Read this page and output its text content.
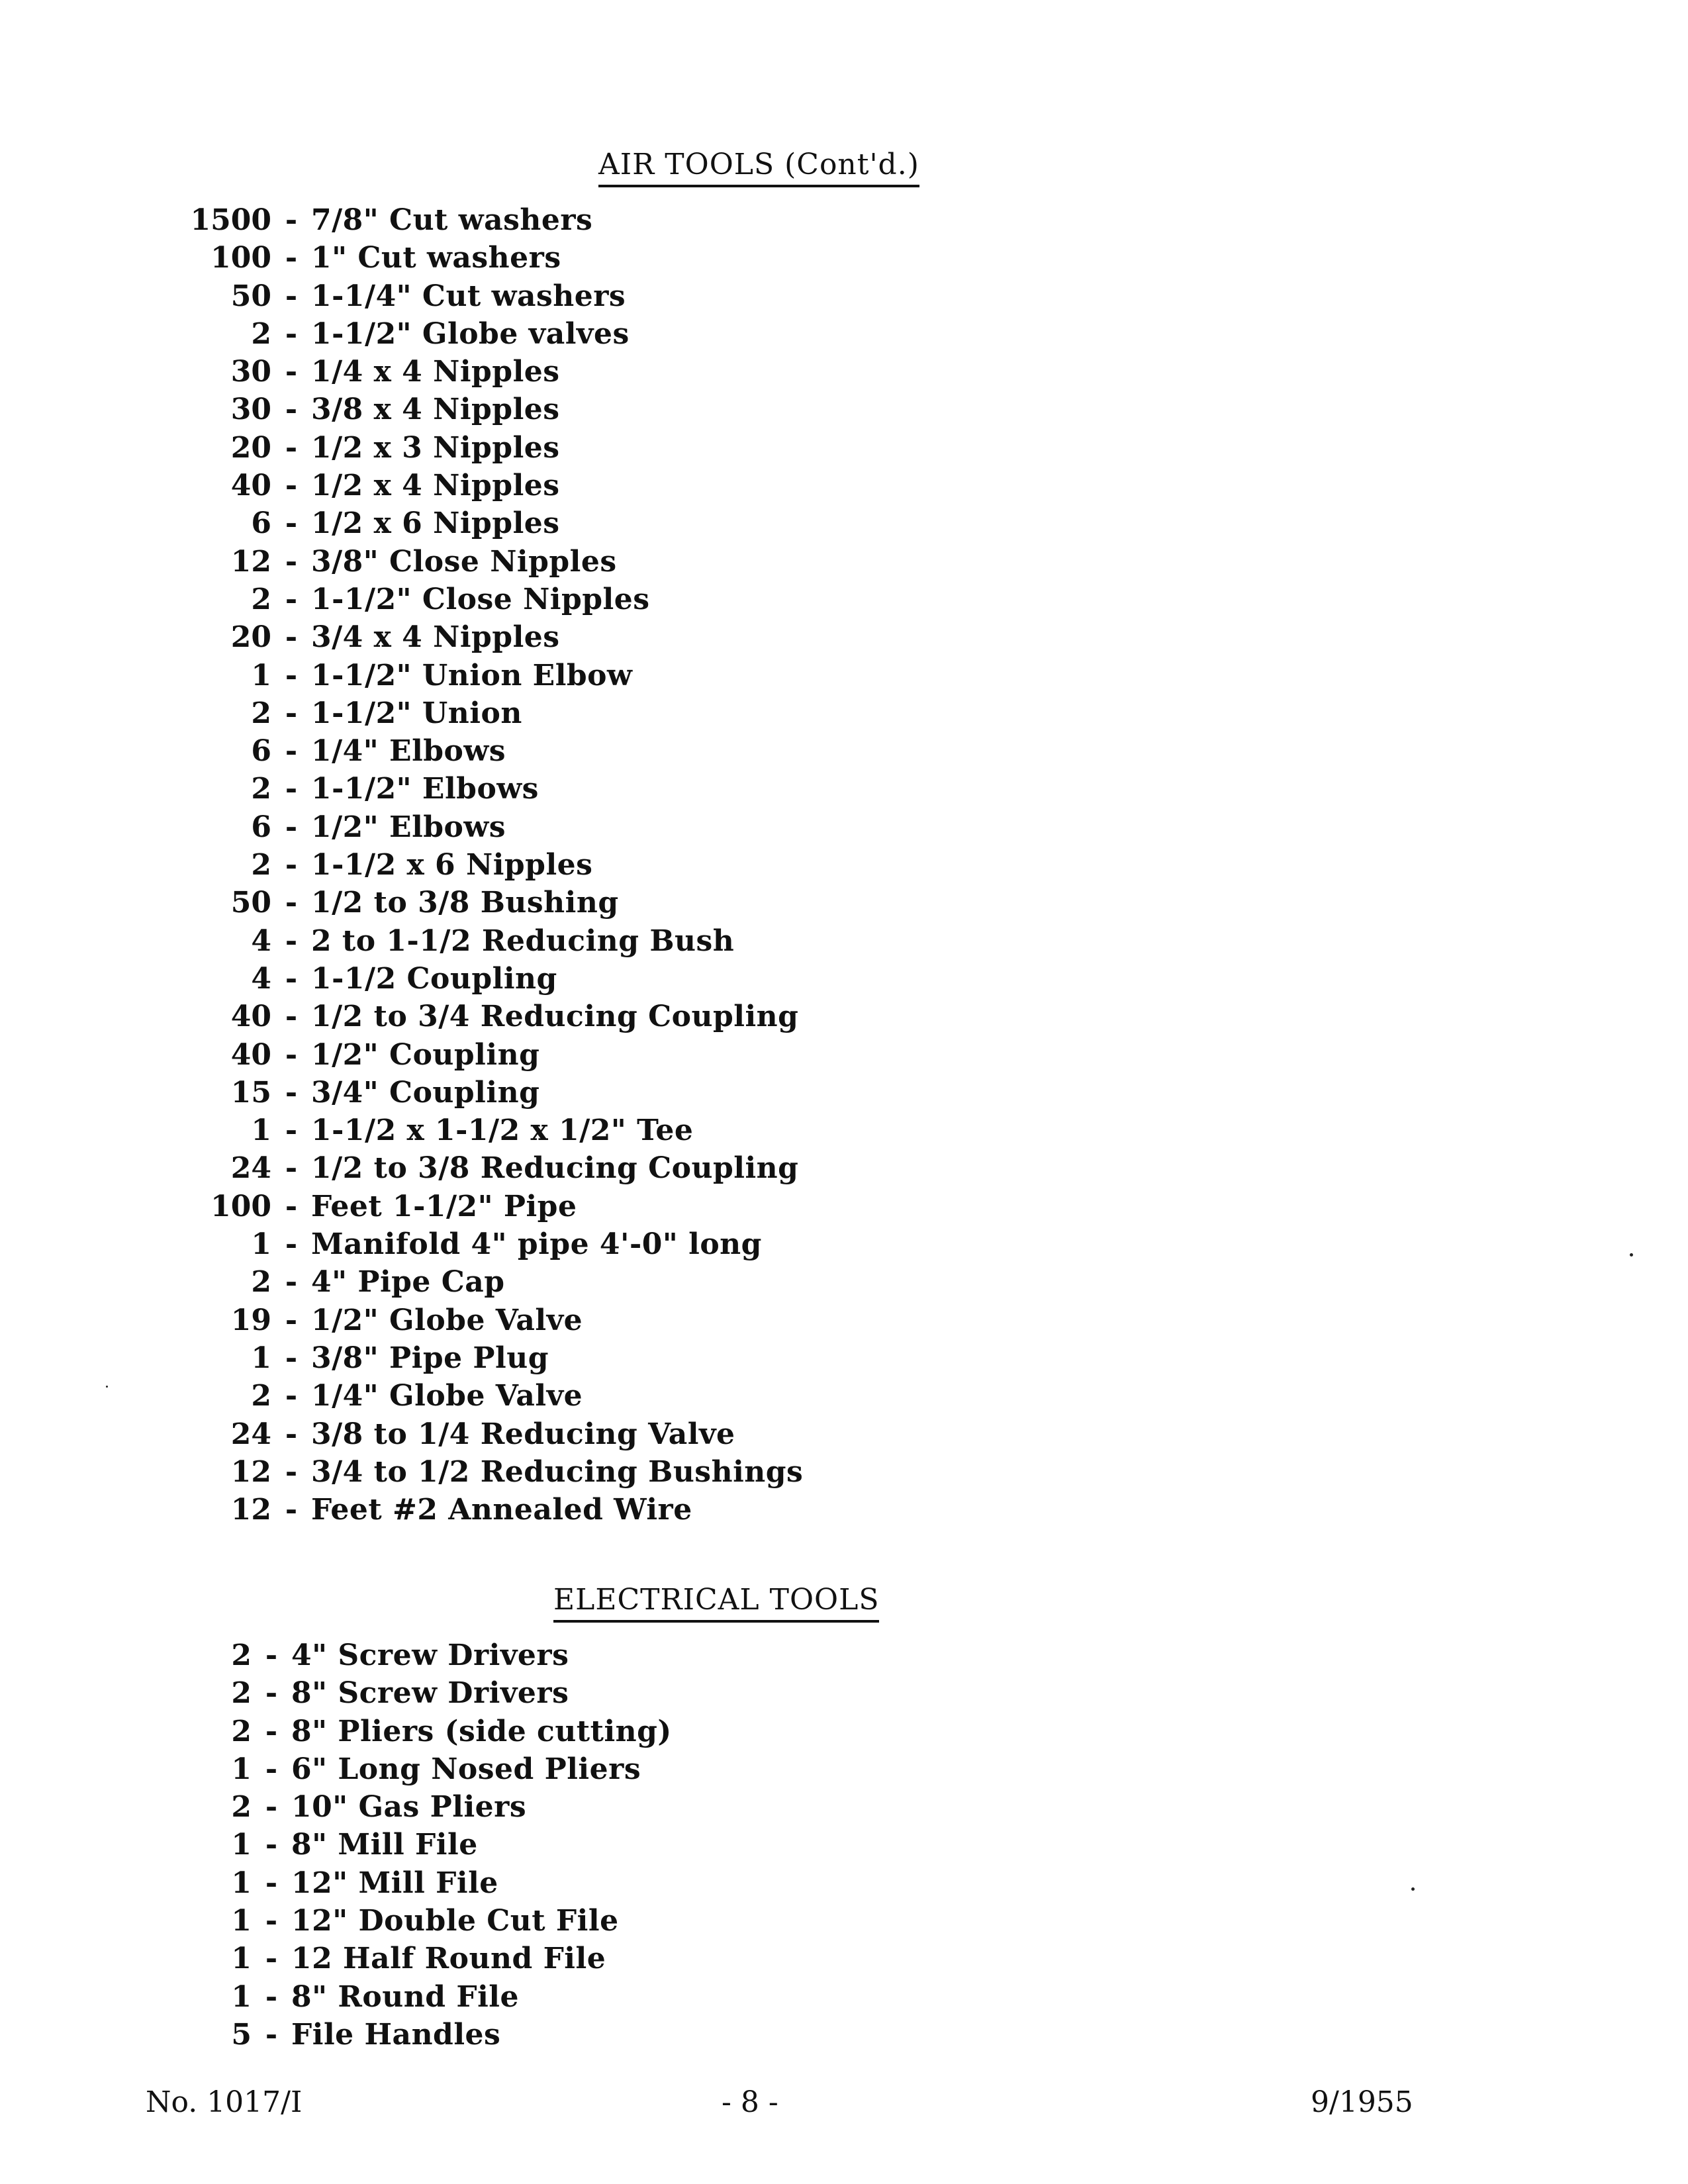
AIR TOOLS (Cont'd.)
1500 - 7/8" Cut washers
100 - 1" Cut washers
50 - 1-1/4" Cut washers
2 - 1-1/2" Globe valves
30 - 1/4 x 4 Nipples
30 - 3/8 x 4 Nipples
20 - 1/2 x 3 Nipples
40 - 1/2 x 4 Nipples
6 - 1/2 x 6 Nipples
12 - 3/8" Close Nipples
2 - 1-1/2" Close Nipples
20 - 3/4 x 4 Nipples
1 - 1-1/2" Union Elbow
2 - 1-1/2" Union
6 - 1/4" Elbows
2 - 1-1/2" Elbows
6 - 1/2" Elbows
2 - 1-1/2 x 6 Nipples
50 - 1/2 to 3/8 Bushing
4 - 2 to 1-1/2 Reducing Bush
4 - 1-1/2 Coupling
40 - 1/2 to 3/4 Reducing Coupling
40 - 1/2" Coupling
15 - 3/4" Coupling
1 - 1-1/2 x 1-1/2 x 1/2" Tee
24 - 1/2 to 3/8 Reducing Coupling
100 - Feet 1-1/2" Pipe
1 - Manifold 4" pipe 4'-0" long
2 - 4" Pipe Cap
19 - 1/2" Globe Valve
1 - 3/8" Pipe Plug
2 - 1/4" Globe Valve
24 - 3/8 to 1/4 Reducing Valve
12 - 3/4 to 1/2 Reducing Bushings
12 - Feet #2 Annealed Wire
ELECTRICAL TOOLS
2 - 4" Screw Drivers
2 - 8" Screw Drivers
2 - 8" Pliers (side cutting)
1 - 6" Long Nosed Pliers
2 - 10" Gas Pliers
1 - 8" Mill File
1 - 12" Mill File
1 - 12" Double Cut File
1 - 12 Half Round File
1 - 8" Round File
5 - File Handles
No. 1017/I	- 8 -	9/1955
